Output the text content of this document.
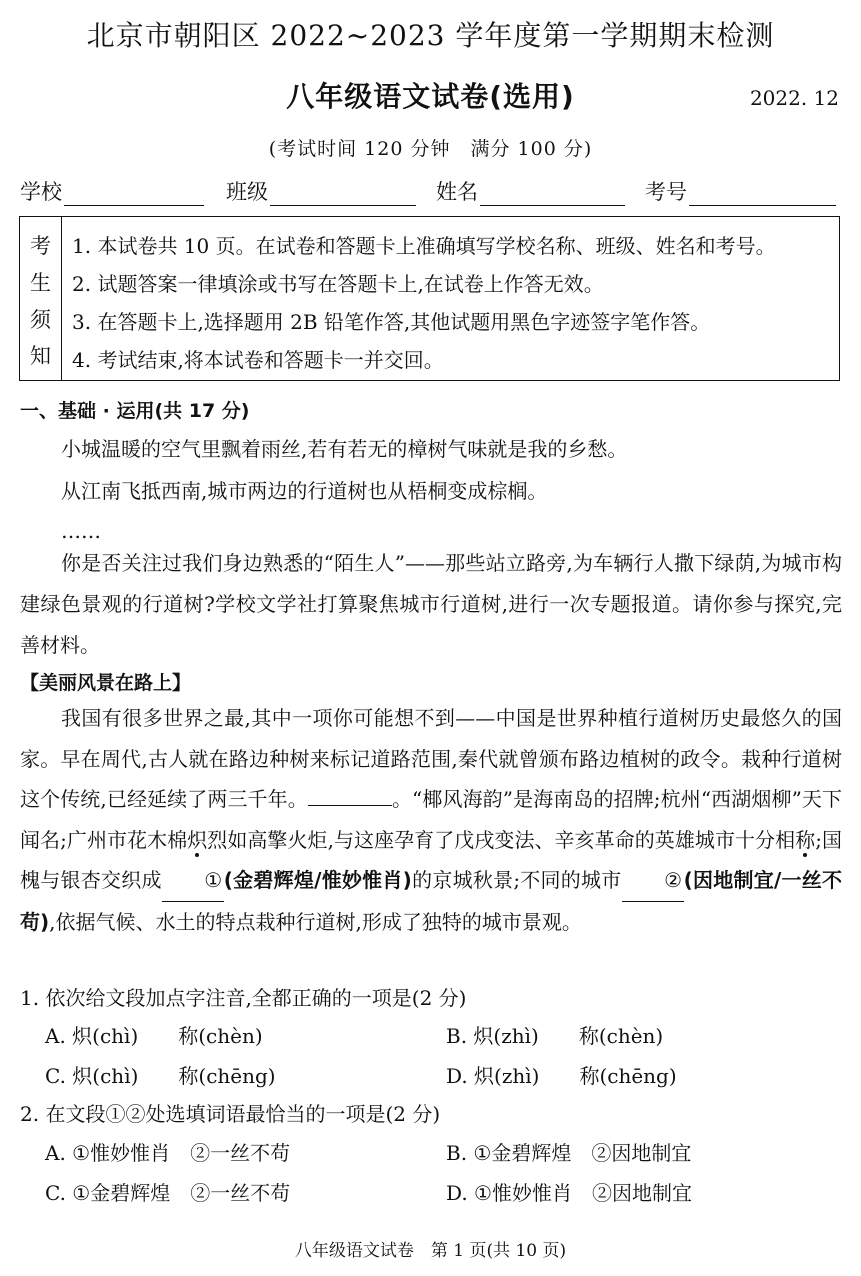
北京市朝阳区 2022~2023 学年度第一学期期末检测
八年级语文试卷(选用)	2022. 12
(考试时间 120 分钟　满分 100 分)
学校	班级	姓名	考号
考
生
须
知
1. 本试卷共 10 页。在试卷和答题卡上准确填写学校名称、班级、姓名和考号。
2. 试题答案一律填涂或书写在答题卡上,在试卷上作答无效。
3. 在答题卡上,选择题用 2B 铅笔作答,其他试题用黑色字迹签字笔作答。
4. 考试结束,将本试卷和答题卡一并交回。
一、基础 · 运用(共 17 分)
小城温暖的空气里飘着雨丝,若有若无的樟树气味就是我的乡愁。
从江南飞抵西南,城市两边的行道树也从梧桐变成棕榈。
……
你是否关注过我们身边熟悉的“陌生人”——那些站立路旁,为车辆行人撒下绿荫,为城市构建绿色景观的行道树?学校文学社打算聚焦城市行道树,进行一次专题报道。请你参与探究,完善材料。
【美丽风景在路上】
我国有很多世界之最,其中一项你可能想不到——中国是世界种植行道树历史最悠久的国家。早在周代,古人就在路边种树来标记道路范围,秦代就曾颁布路边植树的政令。栽种行道树这个传统,已经延续了两三千年。	。“椰风海韵”是海南岛的招牌;杭州“西湖烟柳”天下闻名;广州市花木棉炽烈如高擎火炬,与这座孕育了戊戌变法、辛亥革命的英雄城市十分相称;国槐与银杏交织成 ①(金碧辉煌/惟妙惟肖)的京城秋景;不同的城市 ②(因地制宜/一丝不苟),依据气候、水土的特点栽种行道树,形成了独特的城市景观。
1. 依次给文段加点字注音,全都正确的一项是(2 分)
A. 炽(chì)　　称(chèn)	B. 炽(zhì)　　称(chèn)
C. 炽(chì)　　称(chēng)	D. 炽(zhì)　　称(chēng)
2. 在文段①②处选填词语最恰当的一项是(2 分)
A. ①惟妙惟肖　②一丝不苟	B. ①金碧辉煌　②因地制宜
C. ①金碧辉煌　②一丝不苟	D. ①惟妙惟肖　②因地制宜
八年级语文试卷　第 1 页(共 10 页)
